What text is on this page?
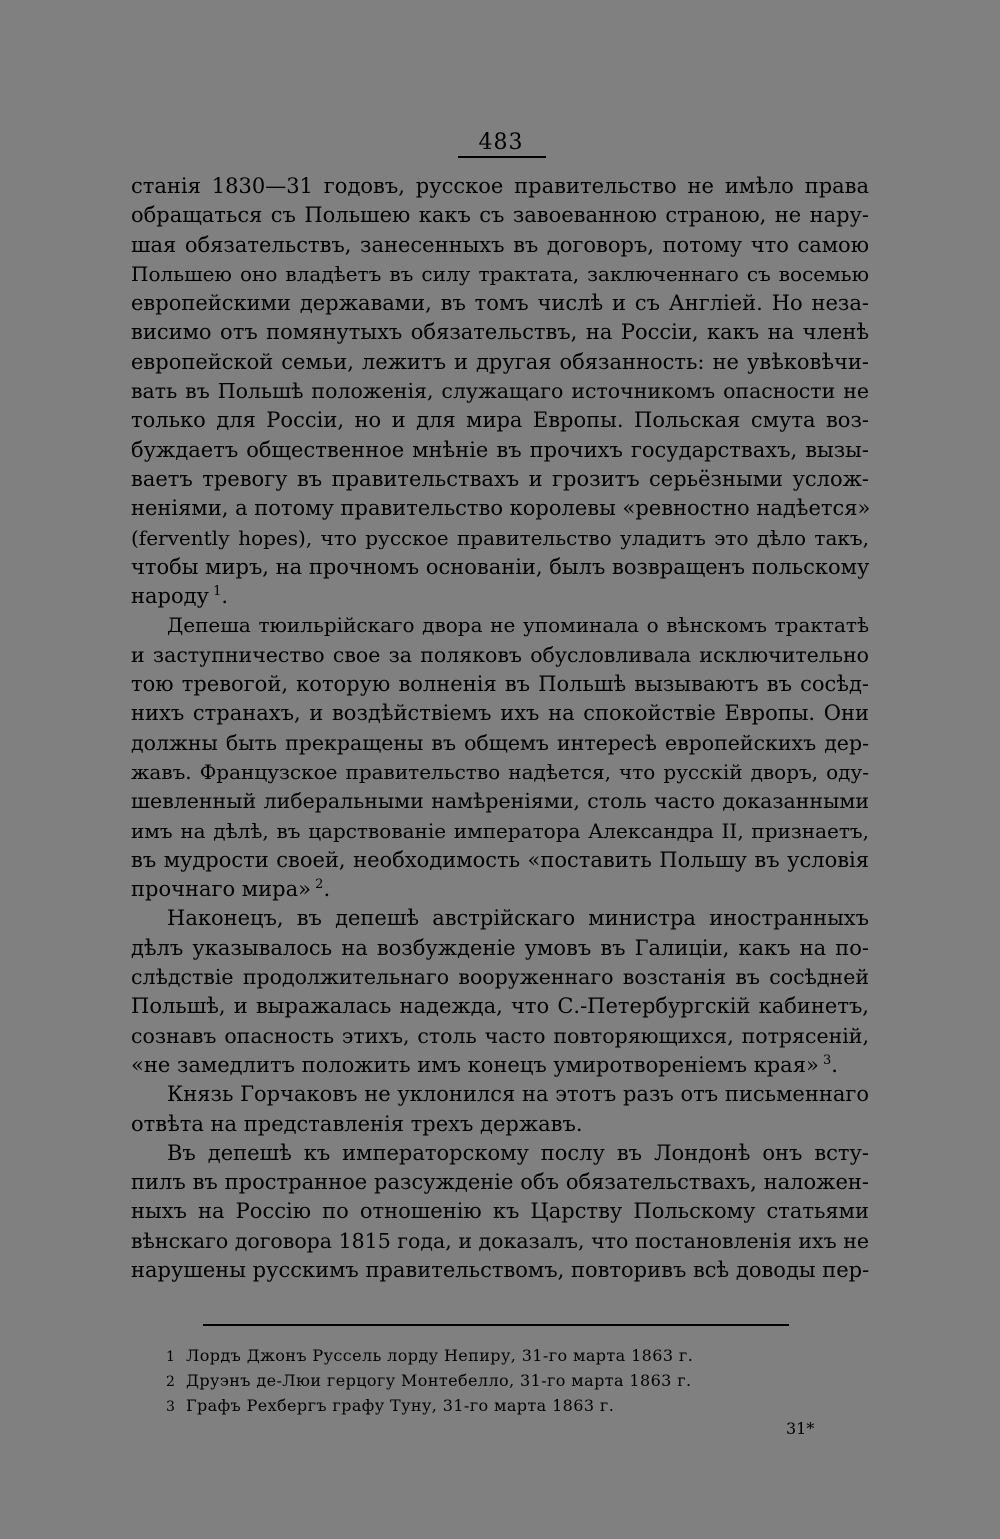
483
станія 1830—31 годовъ, русское правительство не имѣло права
обращаться съ Польшею какъ съ завоеванною страною, не нару-
шая обязательствъ, занесенныхъ въ договоръ, потому что самою
Польшею оно владѣетъ въ силу трактата, заключеннаго съ восемью
европейскими державами, въ томъ числѣ и съ Англіей. Но неза-
висимо отъ помянутыхъ обязательствъ, на Россіи, какъ на членѣ
европейской семьи, лежитъ и другая обязанность: не увѣковѣчи-
вать въ Польшѣ положенія, служащаго источникомъ опасности не
только для Россіи, но и для мира Европы. Польская смута воз-
буждаетъ общественное мнѣніе въ прочихъ государствахъ, вызы-
ваетъ тревогу въ правительствахъ и грозитъ серьёзными услож-
неніями, а потому правительство королевы «ревностно надѣется»
(ferventlу hopes), что русское правительство уладитъ это дѣло такъ,
чтобы миръ, на прочномъ основаніи, былъ возвращенъ польскому
народу  $^1$.
Депеша тюильрійскаго двора не упоминала о вѣнскомъ трактатѣ
и заступничество свое за поляковъ обусловливала исключительно
тою тревогой, которую волненія въ Польшѣ вызываютъ въ сосѣд-
нихъ странахъ, и воздѣйствіемъ ихъ на спокойствіе Европы. Они
должны быть прекращены въ общемъ интересѣ европейскихъ дер-
жавъ. Французское правительство надѣется, что русскій дворъ, оду-
шевленный либеральными намѣреніями, столь часто доказанными
имъ на дѣлѣ, въ царствованіе императора Александра II, признаетъ,
въ мудрости своей, необходимость «поставить Польшу въ условія
прочнаго мира»  $^2$.
Наконецъ, въ депешѣ австрійскаго министра иностранныхъ
дѣлъ указывалось на возбужденіе умовъ въ Галиціи, какъ на по-
слѣдствіе продолжительнаго вооруженнаго возстанія въ сосѣдней
Польшѣ, и выражалась надежда, что С.-Петербургскій кабинетъ,
сознавъ опасность этихъ, столь часто повторяющихся, потрясеній,
«не замедлитъ положить имъ конецъ умиротвореніемъ края»  $^3$.
Князь Горчаковъ не уклонился на этотъ разъ отъ письменнаго
отвѣта на представленія трехъ державъ.
Въ депешѣ къ императорскому послу въ Лондонѣ онъ всту-
пилъ въ пространное разсужденіе объ обязательствахъ, наложен-
ныхъ на Россію по отношенію къ Царству Польскому статьями
вѣнскаго договора 1815 года, и доказалъ, что постановленія ихъ не
нарушены русскимъ правительствомъ, повторивъ всѣ доводы пер-
1 Лордъ Джонъ Руссель лорду Непиру, 31-го марта 1863 г.
2 Друэнъ де-Люи герцогу Монтебелло, 31-го марта 1863 г.
3 Графъ Рехбергъ графу Туну, 31-го марта 1863 г.
31*
